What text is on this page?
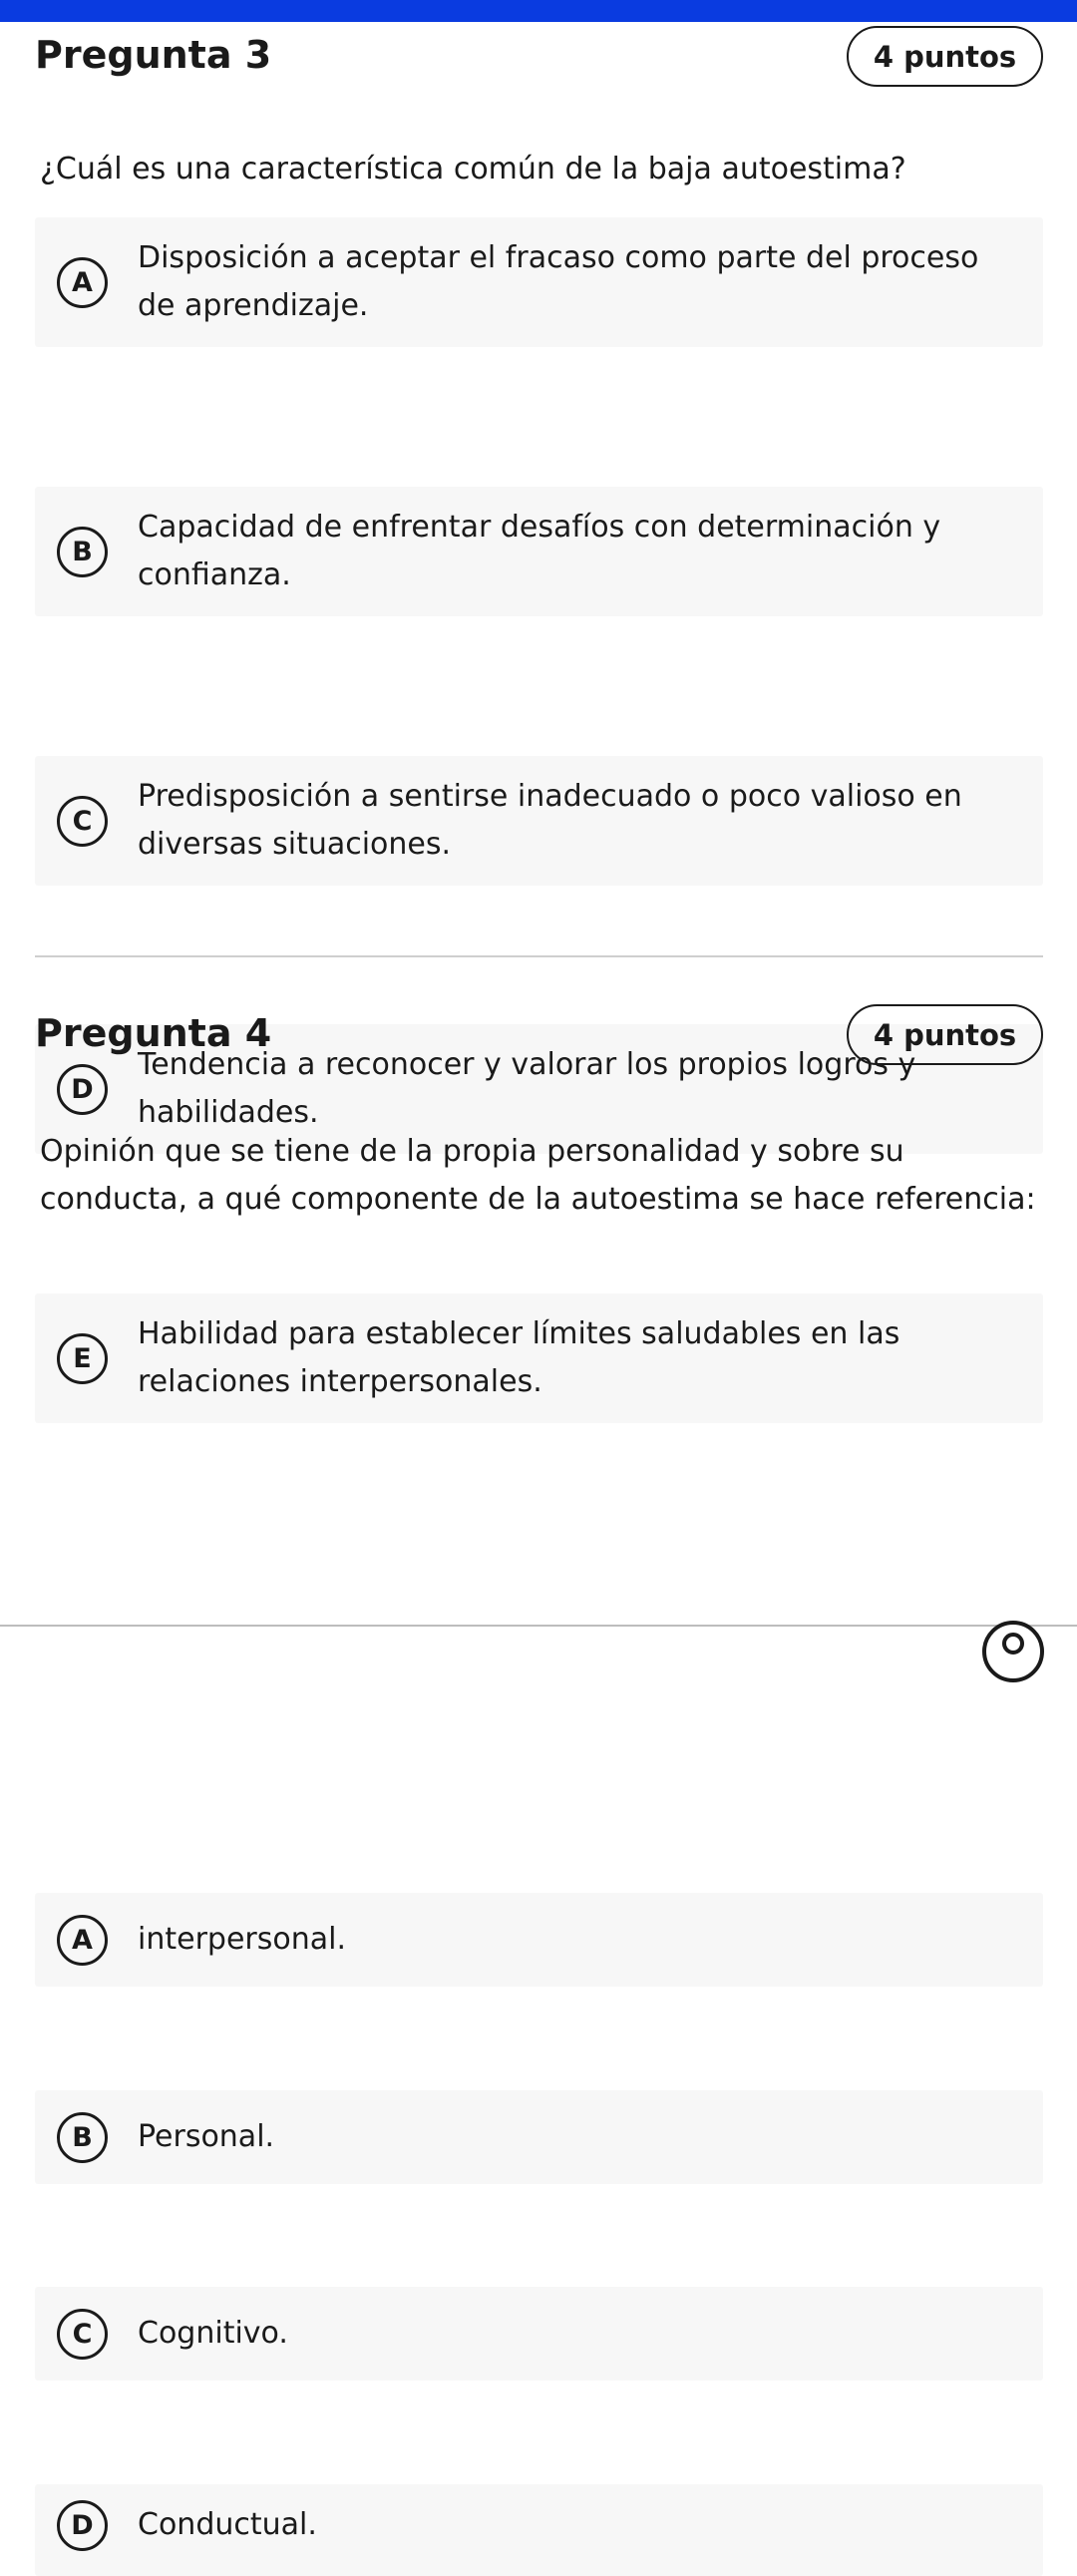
Pregunta 3	4 puntos
¿Cuál es una característica común de la baja autoestima?
A
Disposición a aceptar el fracaso como parte del proceso de aprendizaje.
B
Capacidad de enfrentar desafíos con determinación y confianza.
C
Predisposición a sentirse inadecuado o poco valioso en diversas situaciones.
D
Tendencia a reconocer y valorar los propios logros y habilidades.
E
Habilidad para establecer límites saludables en las relaciones interpersonales.
Pregunta 4	4 puntos
Opinión que se tiene de la propia personalidad y sobre su conducta, a qué componente de la autoestima se hace referencia:
A	interpersonal.
B	Personal.
C	Cognitivo.
D	Conductual.
